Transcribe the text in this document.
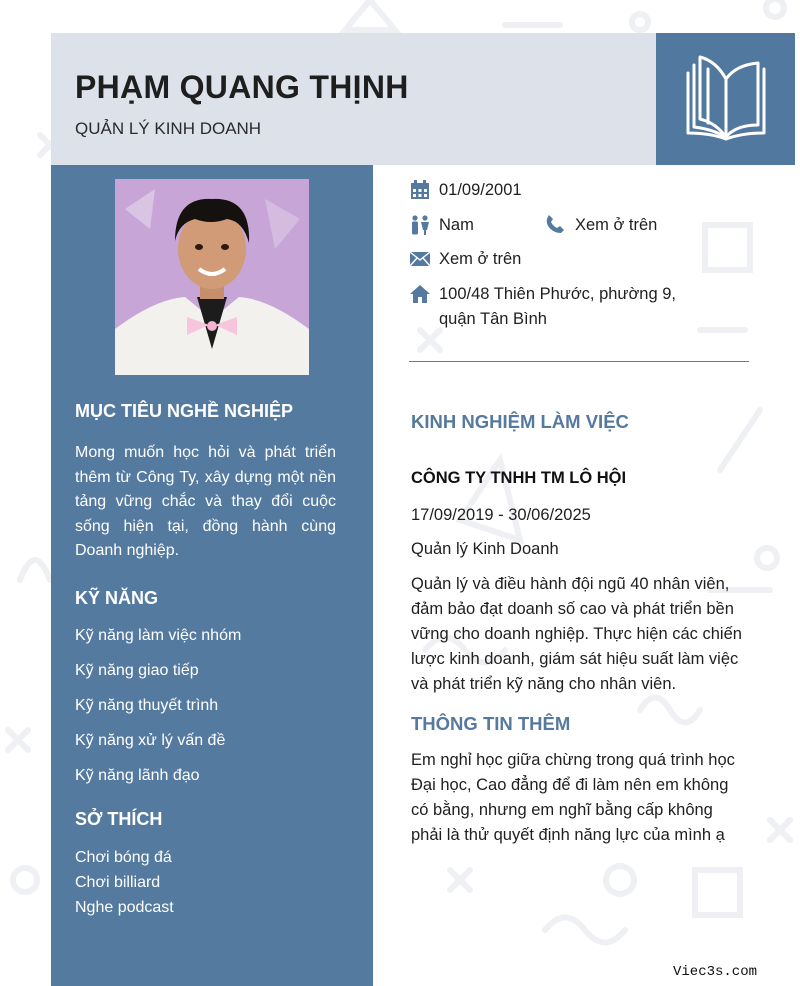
PHẠM QUANG THỊNH
QUẢN LÝ KINH DOANH
MỤC TIÊU NGHỀ NGHIỆP

Mong muốn học hỏi và phát triển thêm từ Công Ty, xây dựng một nền tảng vững chắc và thay đổi cuộc sống hiện tại, đồng hành cùng Doanh nghiệp.

KỸ NĂNG
Kỹ năng làm việc nhóm
Kỹ năng giao tiếp
Kỹ năng thuyết trình
Kỹ năng xử lý vấn đề
Kỹ năng lãnh đạo
SỞ THÍCH
Chơi bóng đá
Chơi billiard
Nghe podcast
01/09/2001
Nam	Xem ở trên
Xem ở trên
100/48 Thiên Phước, phường 9,
quận Tân Bình
KINH NGHIỆM LÀM VIỆC
CÔNG TY TNHH TM LÔ HỘI
17/09/2019 - 30/06/2025
Quản lý Kinh Doanh
Quản lý và điều hành đội ngũ 40 nhân viên,
đảm bảo đạt doanh số cao và phát triển bền
vững cho doanh nghiệp. Thực hiện các chiến
lược kinh doanh, giám sát hiệu suất làm việc
và phát triển kỹ năng cho nhân viên.
THÔNG TIN THÊM
Em nghỉ học giữa chừng trong quá trình học
Đại học, Cao đẳng để đi làm nên em không
có bằng, nhưng em nghĩ bằng cấp không
phải là thử quyết định năng lực của mình ạ
Viec3s.com
